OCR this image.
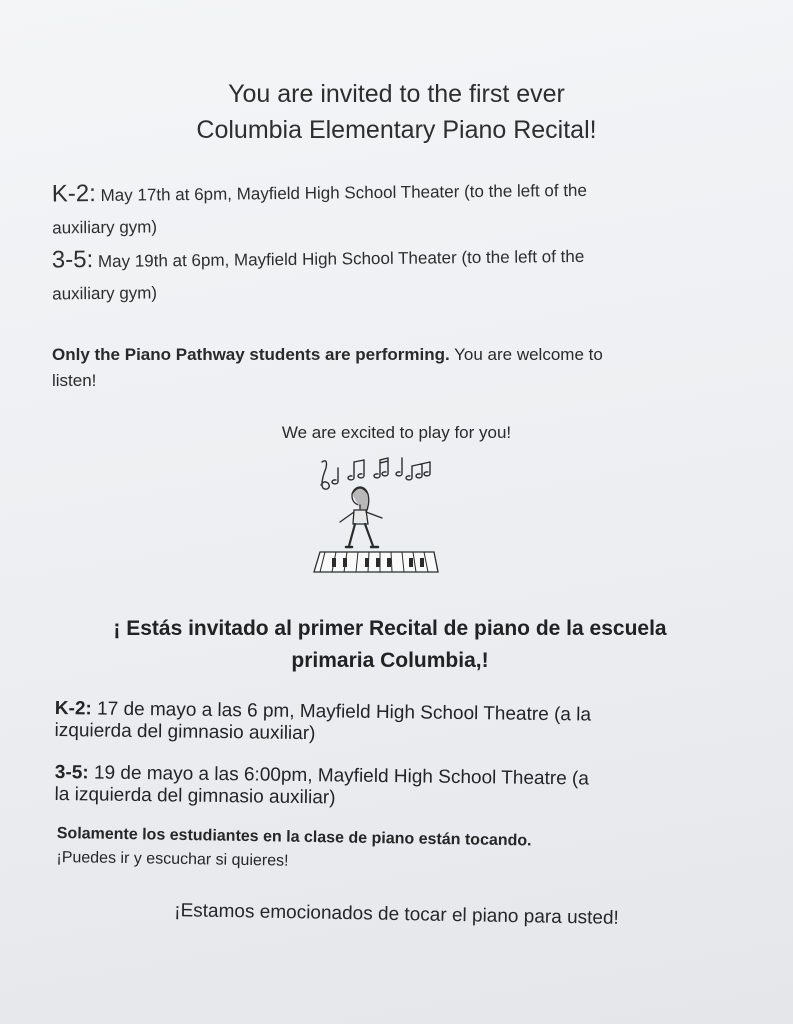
You are invited to the first ever
Columbia Elementary Piano Recital!
K-2: May 17th at 6pm, Mayfield High School Theater (to the left of the
auxiliary gym)
3-5: May 19th at 6pm, Mayfield High School Theater (to the left of the
auxiliary gym)
Only the Piano Pathway students are performing. You are welcome to
listen!
We are excited to play for you!
¡ Estás invitado al primer Recital de piano de la escuela
primaria Columbia,!
K-2: 17 de mayo a las 6 pm, Mayfield High School Theatre (a la
izquierda del gimnasio auxiliar)
3-5: 19 de mayo a las 6:00pm, Mayfield High School Theatre (a
la izquierda del gimnasio auxiliar)
Solamente los estudiantes en la clase de piano están tocando.
¡Puedes ir y escuchar si quieres!
¡Estamos emocionados de tocar el piano para usted!
